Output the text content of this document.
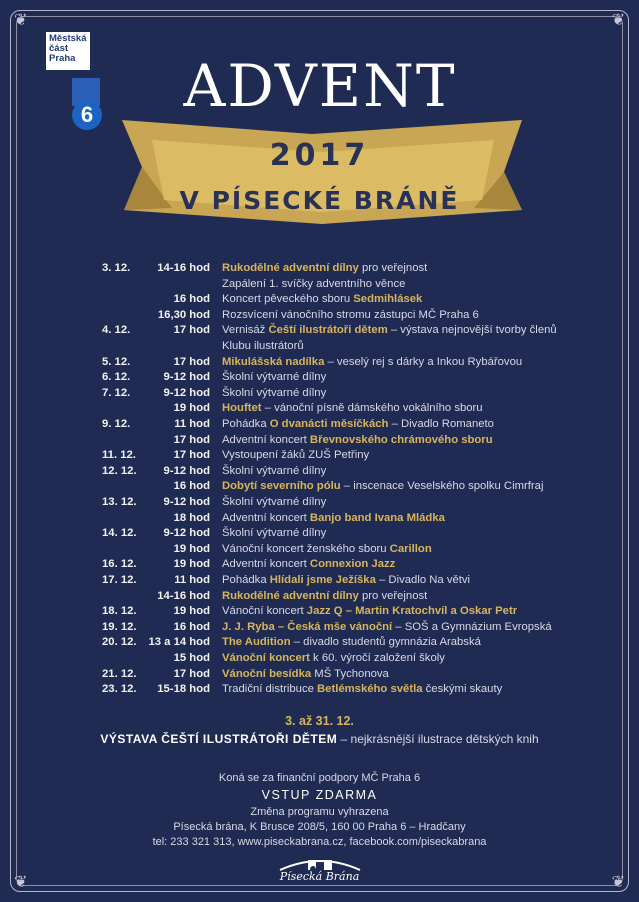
❦	❦
❦	❦
Městská
část
Praha
6	ADVENT
2017
V PÍSECKÉ BRÁNĚ
3. 12.	14-16 hod Rukodělné adventní dílny pro veřejnost
Zapálení 1. svíčky adventního věnce
16 hod Koncert pěveckého sboru Sedmihlásek
16,30 hod Rozsvícení vánočního stromu zástupci MČ Praha 6
4. 12.	17 hod Vernisáž Čeští ilustrátoři dětem – výstava nejnovější tvorby členů
Klubu ilustrátorů
5. 12.	17 hod Mikulášská nadílka – veselý rej s dárky a Inkou Rybářovou
6. 12.	9-12 hod Školní výtvarné dílny
7. 12.	9-12 hod Školní výtvarné dílny
19 hod Houftet – vánoční písně dámského vokálního sboru
9. 12.	11 hod Pohádka O dvanácti měsíčkách – Divadlo Romaneto
17 hod Adventní koncert Břevnovského chrámového sboru
11. 12.	17 hod Vystoupení žáků ZUŠ Petřiny
12. 12.	9-12 hod Školní výtvarné dílny
16 hod Dobytí severního pólu – inscenace Veselského spolku Cimrfraj
13. 12.	9-12 hod Školní výtvarné dílny
18 hod Adventní koncert Banjo band Ivana Mládka
14. 12.	9-12 hod Školní výtvarné dílny
19 hod Vánoční koncert ženského sboru Carillon
16. 12.	19 hod Adventní koncert Connexion Jazz
17. 12.	11 hod Pohádka Hlídali jsme Ježíška – Divadlo Na větvi
14-16 hod Rukodělné adventní dílny pro veřejnost
18. 12.	19 hod Vánoční koncert Jazz Q – Martin Kratochvíl a Oskar Petr
19. 12.	16 hod J. J. Ryba – Česká mše vánoční – SOŠ a Gymnázium Evropská
20. 12.	13 a 14 hod The Audition – divadlo studentů gymnázia Arabská
15 hod Vánoční koncert k 60. výročí založení školy
21. 12.	17 hod Vánoční besídka MŠ Tychonova
23. 12.	15-18 hod Tradiční distribuce Betlémského světla českými skauty
3. až 31. 12.
VÝSTAVA ČEŠTÍ ILUSTRÁTOŘI DĚTEM – nejkrásnější ilustrace dětských knih
Koná se za finanční podpory MČ Praha 6
VSTUP ZDARMA
Změna programu vyhrazena
Písecká brána, K Brusce 208/5, 160 00 Praha 6 – Hradčany
tel: 233 321 313, www.piseckabrana.cz, facebook.com/piseckabrana
Písecká Brána
